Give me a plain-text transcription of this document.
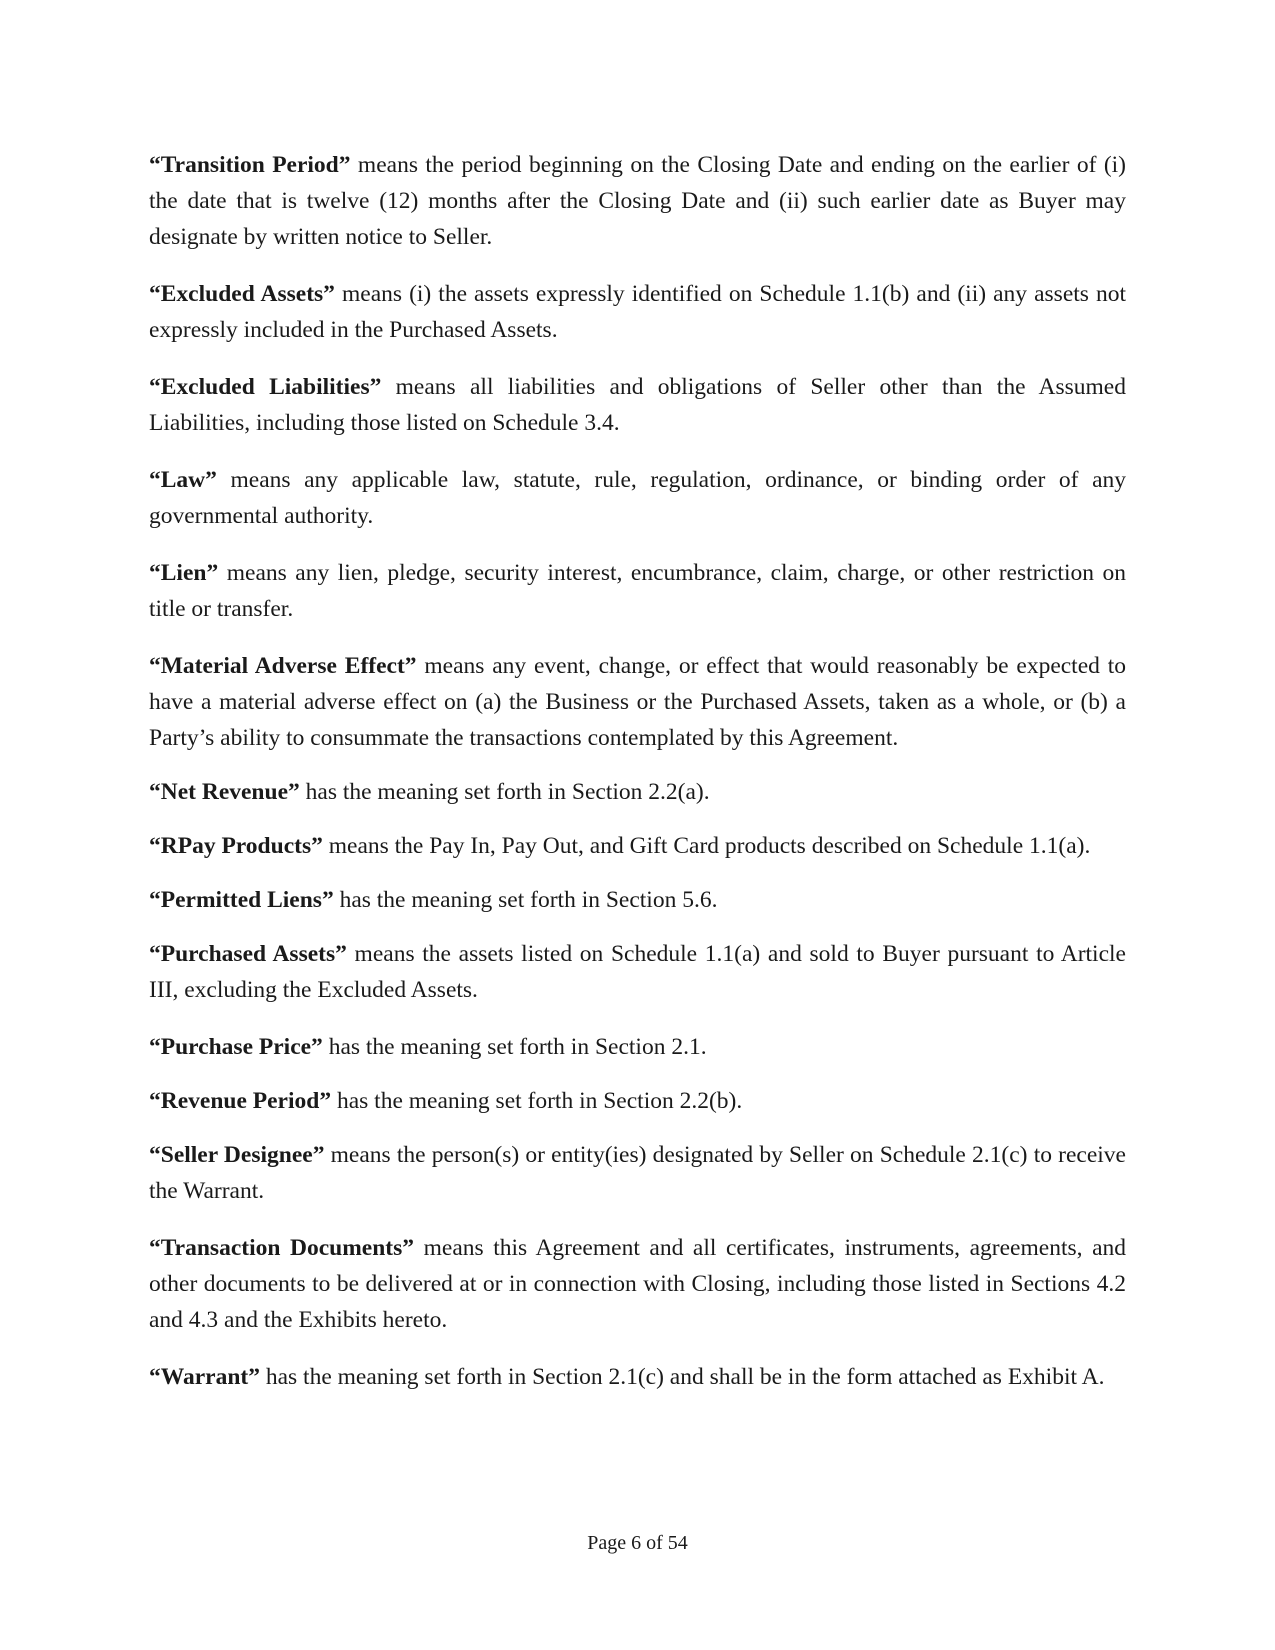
“Transition Period” means the period beginning on the Closing Date and ending on the earlier of (i) the date that is twelve (12) months after the Closing Date and (ii) such earlier date as Buyer may designate by written notice to Seller.

“Excluded Assets” means (i) the assets expressly identified on Schedule 1.1(b) and (ii) any assets not expressly included in the Purchased Assets.

“Excluded Liabilities” means all liabilities and obligations of Seller other than the Assumed Liabilities, including those listed on Schedule 3.4.

“Law” means any applicable law, statute, rule, regulation, ordinance, or binding order of any governmental authority.

“Lien” means any lien, pledge, security interest, encumbrance, claim, charge, or other restriction on title or transfer.

“Material Adverse Effect” means any event, change, or effect that would reasonably be expected to have a material adverse effect on (a) the Business or the Purchased Assets, taken as a whole, or (b) a Party’s ability to consummate the transactions contemplated by this Agreement.

“Net Revenue” has the meaning set forth in Section 2.2(a).

“RPay Products” means the Pay In, Pay Out, and Gift Card products described on Schedule 1.1(a).

“Permitted Liens” has the meaning set forth in Section 5.6.

“Purchased Assets” means the assets listed on Schedule 1.1(a) and sold to Buyer pursuant to Article III, excluding the Excluded Assets.

“Purchase Price” has the meaning set forth in Section 2.1.

“Revenue Period” has the meaning set forth in Section 2.2(b).

“Seller Designee” means the person(s) or entity(ies) designated by Seller on Schedule 2.1(c) to receive the Warrant.

“Transaction Documents” means this Agreement and all certificates, instruments, agreements, and other documents to be delivered at or in connection with Closing, including those listed in Sections 4.2 and 4.3 and the Exhibits hereto.

“Warrant” has the meaning set forth in Section 2.1(c) and shall be in the form attached as Exhibit A.

Page 6 of 54
